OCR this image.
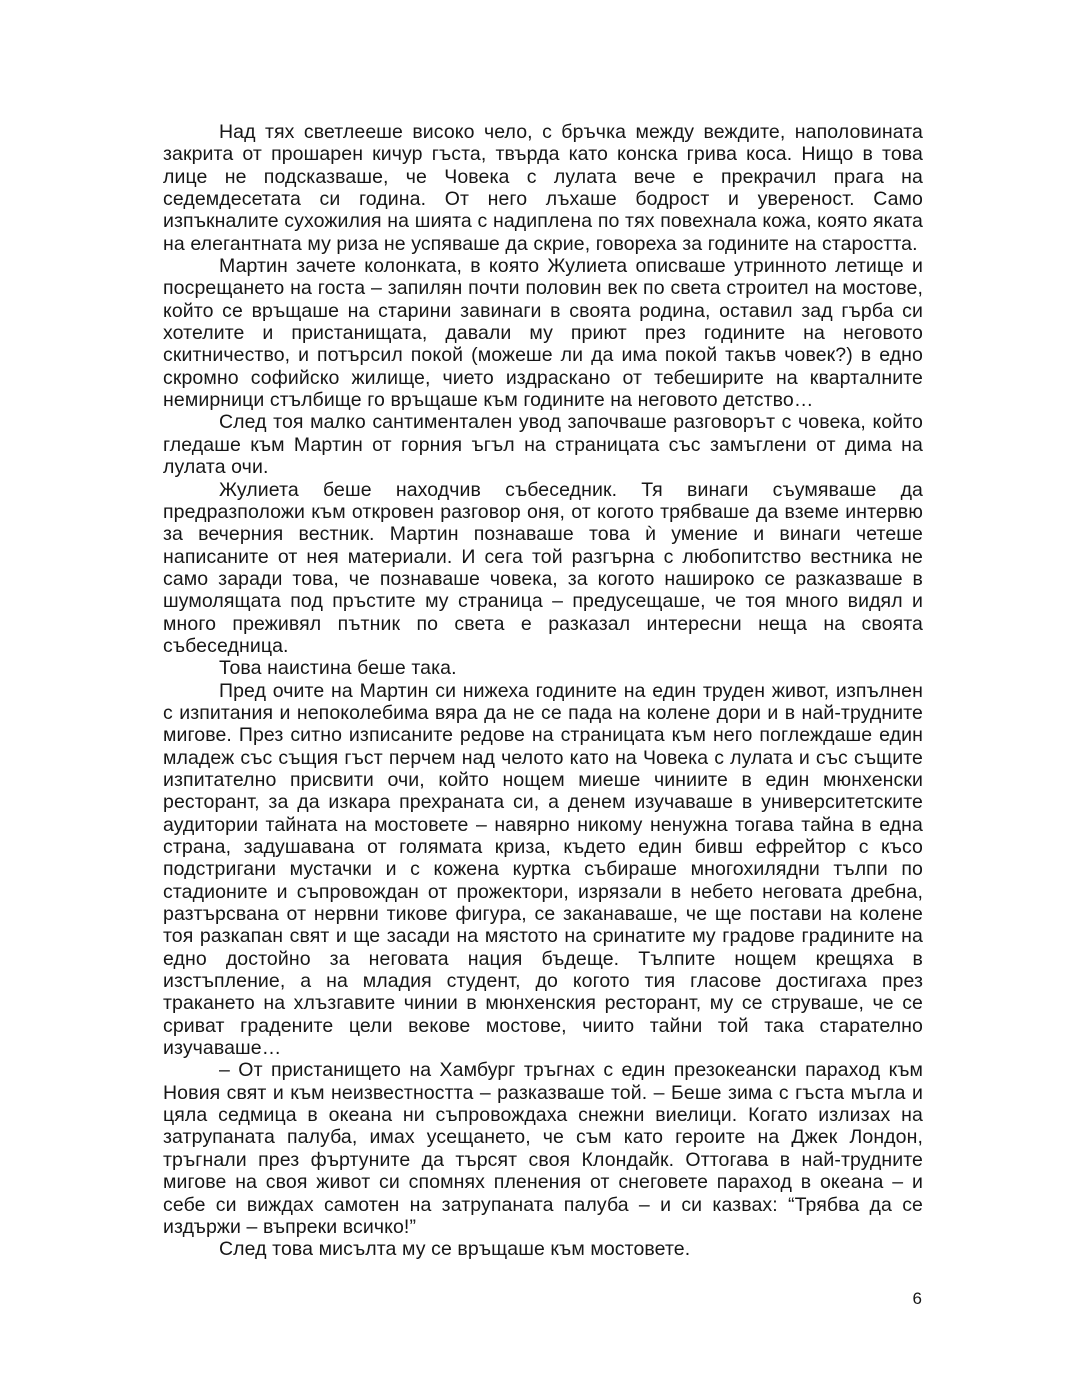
Над тях светлееше високо чело, с бръчка между веждите, наполовината закрита от прошарен кичур гъста, твърда като конска грива коса. Нищо в това лице не подсказваше, че Човека с лулата вече е прекрачил прага на седемдесетата си година. От него лъхаше бодрост и увереност. Само изпъкналите сухожилия на шията с надиплена по тях повехнала кожа, която яката на елегантната му риза не успяваше да скрие, говореха за годините на старостта.

Мартин зачете колонката, в която Жулиета описваше утринното летище и посрещането на госта – запилян почти половин век по света строител на мостове, който се връщаше на старини завинаги в своята родина, оставил зад гърба си хотелите и пристанищата, давали му приют през годините на неговото скитничество, и потърсил покой (можеше ли да има покой такъв човек?) в едно скромно софийско жилище, чието издраскано от тебеширите на кварталните немирници стълбище го връщаше към годините на неговото детство…

След тоя малко сантиментален увод започваше разговорът с човека, който гледаше към Мартин от горния ъгъл на страницата със замъглени от дима на лулата очи.

Жулиета беше находчив събеседник. Тя винаги съумяваше да предразположи към откровен разговор оня, от когото трябваше да вземе интервю за вечерния вестник. Мартин познаваше това ѝ умение и винаги четеше написаните от нея материали. И сега той разгърна с любопитство вестника не само заради това, че познаваше човека, за когото нашироко се разказваше в шумолящата под пръстите му страница – предусещаше, че тоя много видял и много преживял пътник по света е разказал интересни неща на своята събеседница.

Това наистина беше така.

Пред очите на Мартин си нижеха годините на един труден живот, изпълнен с изпитания и непоколебима вяра да не се пада на колене дори и в най-трудните мигове. През ситно изписаните редове на страницата към него поглеждаше един младеж със същия гъст перчем над челото като на Човека с лулата и със същите изпитателно присвити очи, който нощем миеше чиниите в един мюнхенски ресторант, за да изкара прехраната си, а денем изучаваше в университетските аудитории тайната на мостовете – навярно никому ненужна тогава тайна в една страна, задушавана от голямата криза, където един бивш ефрейтор с късо подстригани мустачки и с кожена куртка събираше многохилядни тълпи по стадионите и съпровождан от прожектори, изрязали в небето неговата дребна, разтърсвана от нервни тикове фигура, се заканаваше, че ще постави на колене тоя разкапан свят и ще засади на мястото на сринатите му градове градините на едно достойно за неговата нация бъдеще. Тълпите нощем крещяха в изстъпление, а на младия студент, до когото тия гласове достигаха през тракането на хлъзгавите чинии в мюнхенския ресторант, му се струваше, че се сриват градените цели векове мостове, чиито тайни той така старателно изучаваше…

– От пристанището на Хамбург тръгнах с един презокеански параход към Новия свят и към неизвестността – разказваше той. – Беше зима с гъста мъгла и цяла седмица в океана ни съпровождаха снежни виелици. Когато излизах на затрупаната палуба, имах усещането, че съм като героите на Джек Лондон, тръгнали през фъртуните да търсят своя Клондайк. Оттогава в най-трудните мигове на своя живот си спомнях пленения от снеговете параход в океана – и себе си виждах самотен на затрупаната палуба – и си казвах: “Трябва да се издържи – въпреки всичко!”

След това мисълта му се връщаше към мостовете.

6
